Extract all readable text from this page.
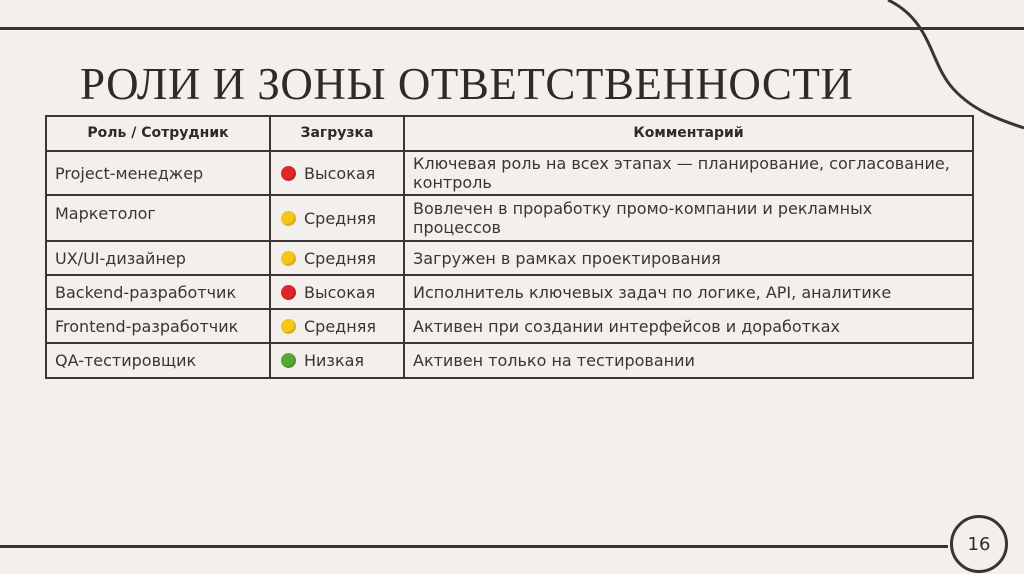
РОЛИ И ЗОНЫ ОТВЕТСТВЕННОСТИ
Роль / Сотрудник	Загрузка	Комментарий
Project-менеджер	Высокая	Ключевая роль на всех этапах — планирование, согласование, контроль
Маркетолог	Средняя	Вовлечен в проработку промо-компании и рекламных процессов
UX/UI-дизайнер	Средняя	Загружен в рамках проектирования
Backend-разработчик	Высокая	Исполнитель ключевых задач по логике, API, аналитике
Frontend-разработчик	Средняя	Активен при создании интерфейсов и доработках
QA-тестировщик	Низкая	Активен только на тестировании
16
